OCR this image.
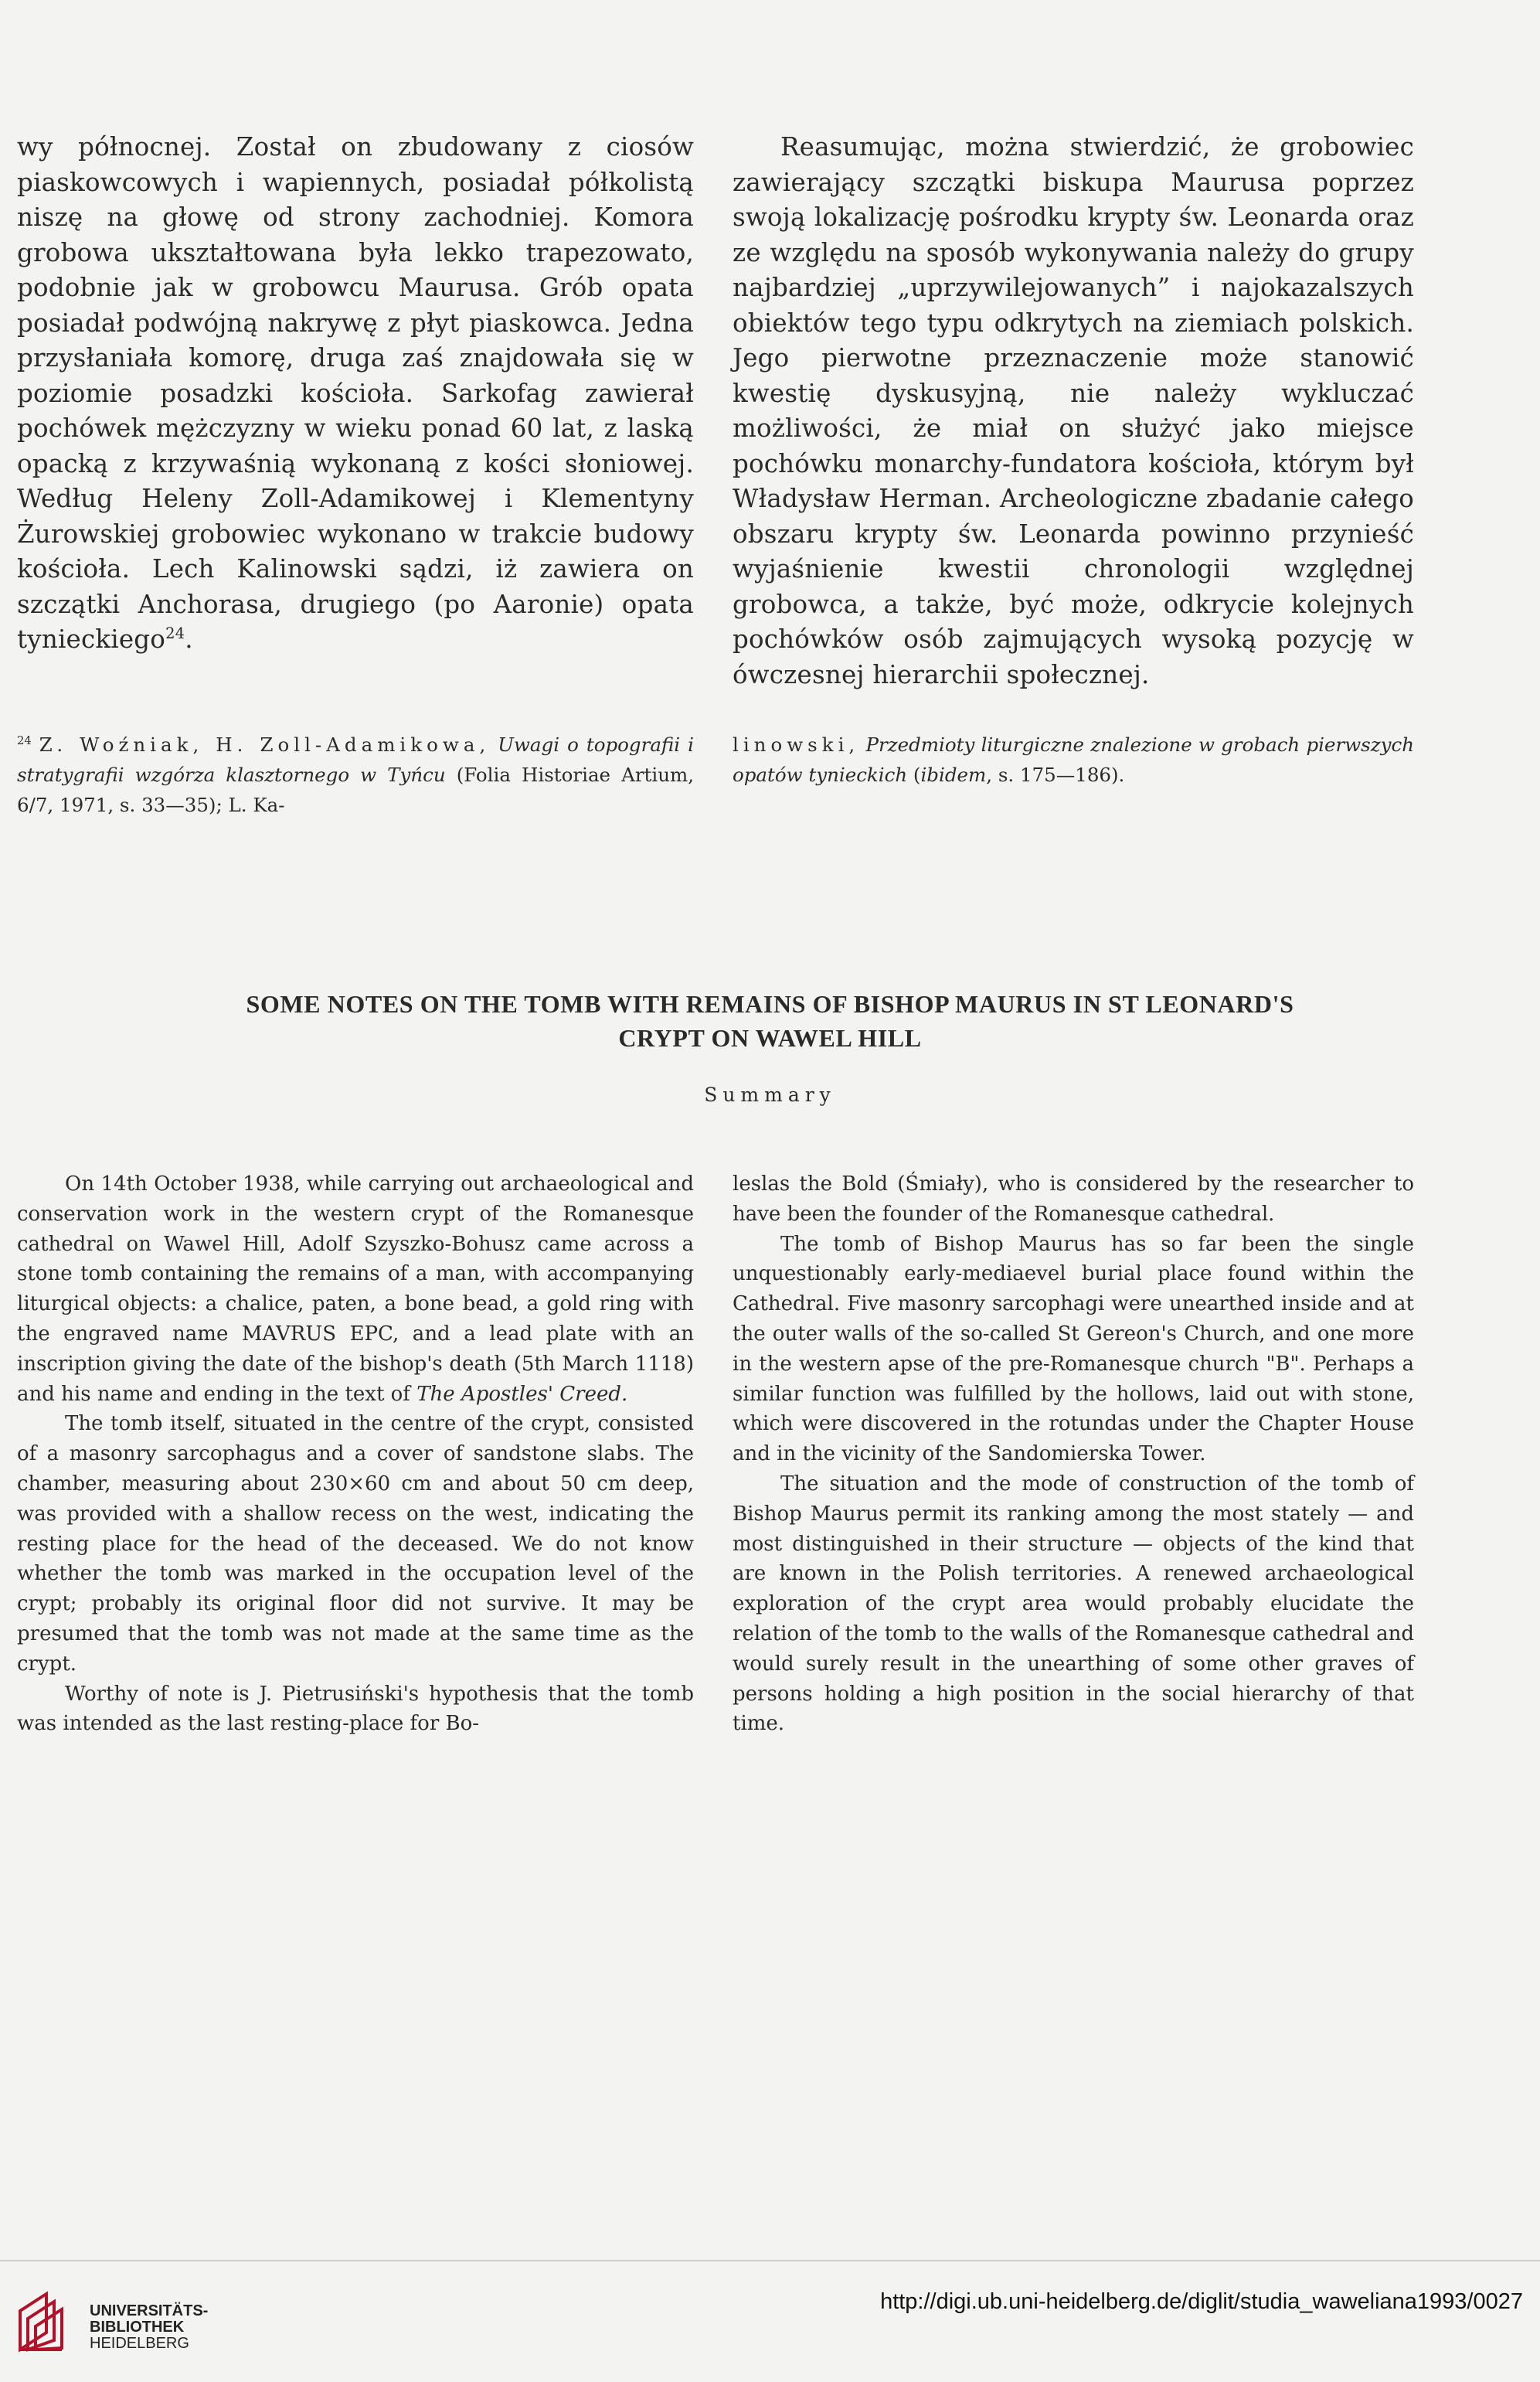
wy północnej. Został on zbudowany z ciosów piaskowcowych i wapiennych, posiadał półkolistą niszę na głowę od strony zachodniej. Komora grobowa ukształtowana była lekko trapezowato, podobnie jak w grobowcu Maurusa. Grób opata posiadał podwójną nakrywę z płyt piaskowca. Jedna przysłaniała komorę, druga zaś znajdowała się w poziomie posadzki kościoła. Sarkofag zawierał pochówek mężczyzny w wieku ponad 60 lat, z laską opacką z krzywaśnią wykonaną z kości słoniowej. Według Heleny Zoll-Adamikowej i Klementyny Żurowskiej grobowiec wykonano w trakcie budowy kościoła. Lech Kalinowski sądzi, iż zawiera on szczątki Anchorasa, drugiego (po Aaronie) opata tynieckiego$^{24}$.

Reasumując, można stwierdzić, że grobowiec zawierający szczątki biskupa Maurusa poprzez swoją lokalizację pośrodku krypty św. Leonarda oraz ze względu na sposób wykonywania należy do grupy najbardziej „uprzywilejowanych” i najokazalszych obiektów tego typu odkrytych na ziemiach polskich. Jego pierwotne przeznaczenie może stanowić kwestię dyskusyjną, nie należy wykluczać możliwości, że miał on służyć jako miejsce pochówku monarchy-fundatora kościoła, którym był Władysław Herman. Archeologiczne zbadanie całego obszaru krypty św. Leonarda powinno przynieść wyjaśnienie kwestii chronologii względnej grobowca, a także, być może, odkrycie kolejnych pochówków osób zajmujących wysoką pozycję w ówczesnej hierarchii społecznej.

$^{24}$ Z. Woźniak, H. Zoll-Adamikowa, Uwagi o topografii i stratygrafii wzgórza klasztornego w Tyńcu (Folia Historiae Artium, 6/7, 1971, s. 33—35); L. Ka-

linowski, Przedmioty liturgiczne znalezione w grobach pierwszych opatów tynieckich (ibidem, s. 175—186).

SOME NOTES ON THE TOMB WITH REMAINS OF BISHOP MAURUS IN ST LEONARD'S
CRYPT ON WAWEL HILL
Summary

On 14th October 1938, while carrying out archaeological and conservation work in the western crypt of the Romanesque cathedral on Wawel Hill, Adolf Szyszko-Bohusz came across a stone tomb containing the remains of a man, with accompanying liturgical objects: a chalice, paten, a bone bead, a gold ring with the engraved name MAVRUS EPC, and a lead plate with an inscription giving the date of the bishop's death (5th March 1118) and his name and ending in the text of The Apostles' Creed.

The tomb itself, situated in the centre of the crypt, consisted of a masonry sarcophagus and a cover of sandstone slabs. The chamber, measuring about 230×60 cm and about 50 cm deep, was provided with a shallow recess on the west, indicating the resting place for the head of the deceased. We do not know whether the tomb was marked in the occupation level of the crypt; probably its original floor did not survive. It may be presumed that the tomb was not made at the same time as the crypt.

Worthy of note is J. Pietrusiński's hypothesis that the tomb was intended as the last resting-place for Bo-

leslas the Bold (Śmiały), who is considered by the researcher to have been the founder of the Romanesque cathedral.

The tomb of Bishop Maurus has so far been the single unquestionably early-mediaevel burial place found within the Cathedral. Five masonry sarcophagi were unearthed inside and at the outer walls of the so-called St Gereon's Church, and one more in the western apse of the pre-Romanesque church "B". Perhaps a similar function was fulfilled by the hollows, laid out with stone, which were discovered in the rotundas under the Chapter House and in the vicinity of the Sandomierska Tower.

The situation and the mode of construction of the tomb of Bishop Maurus permit its ranking among the most stately — and most distinguished in their structure — objects of the kind that are known in the Polish territories. A renewed archaeological exploration of the crypt area would probably elucidate the relation of the tomb to the walls of the Romanesque cathedral and would surely result in the unearthing of some other graves of persons holding a high position in the social hierarchy of that time.

UNIVERSITÄTS-
BIBLIOTHEK
HEIDELBERG
http://digi.ub.uni-heidelberg.de/diglit/studia_waweliana1993/0027
